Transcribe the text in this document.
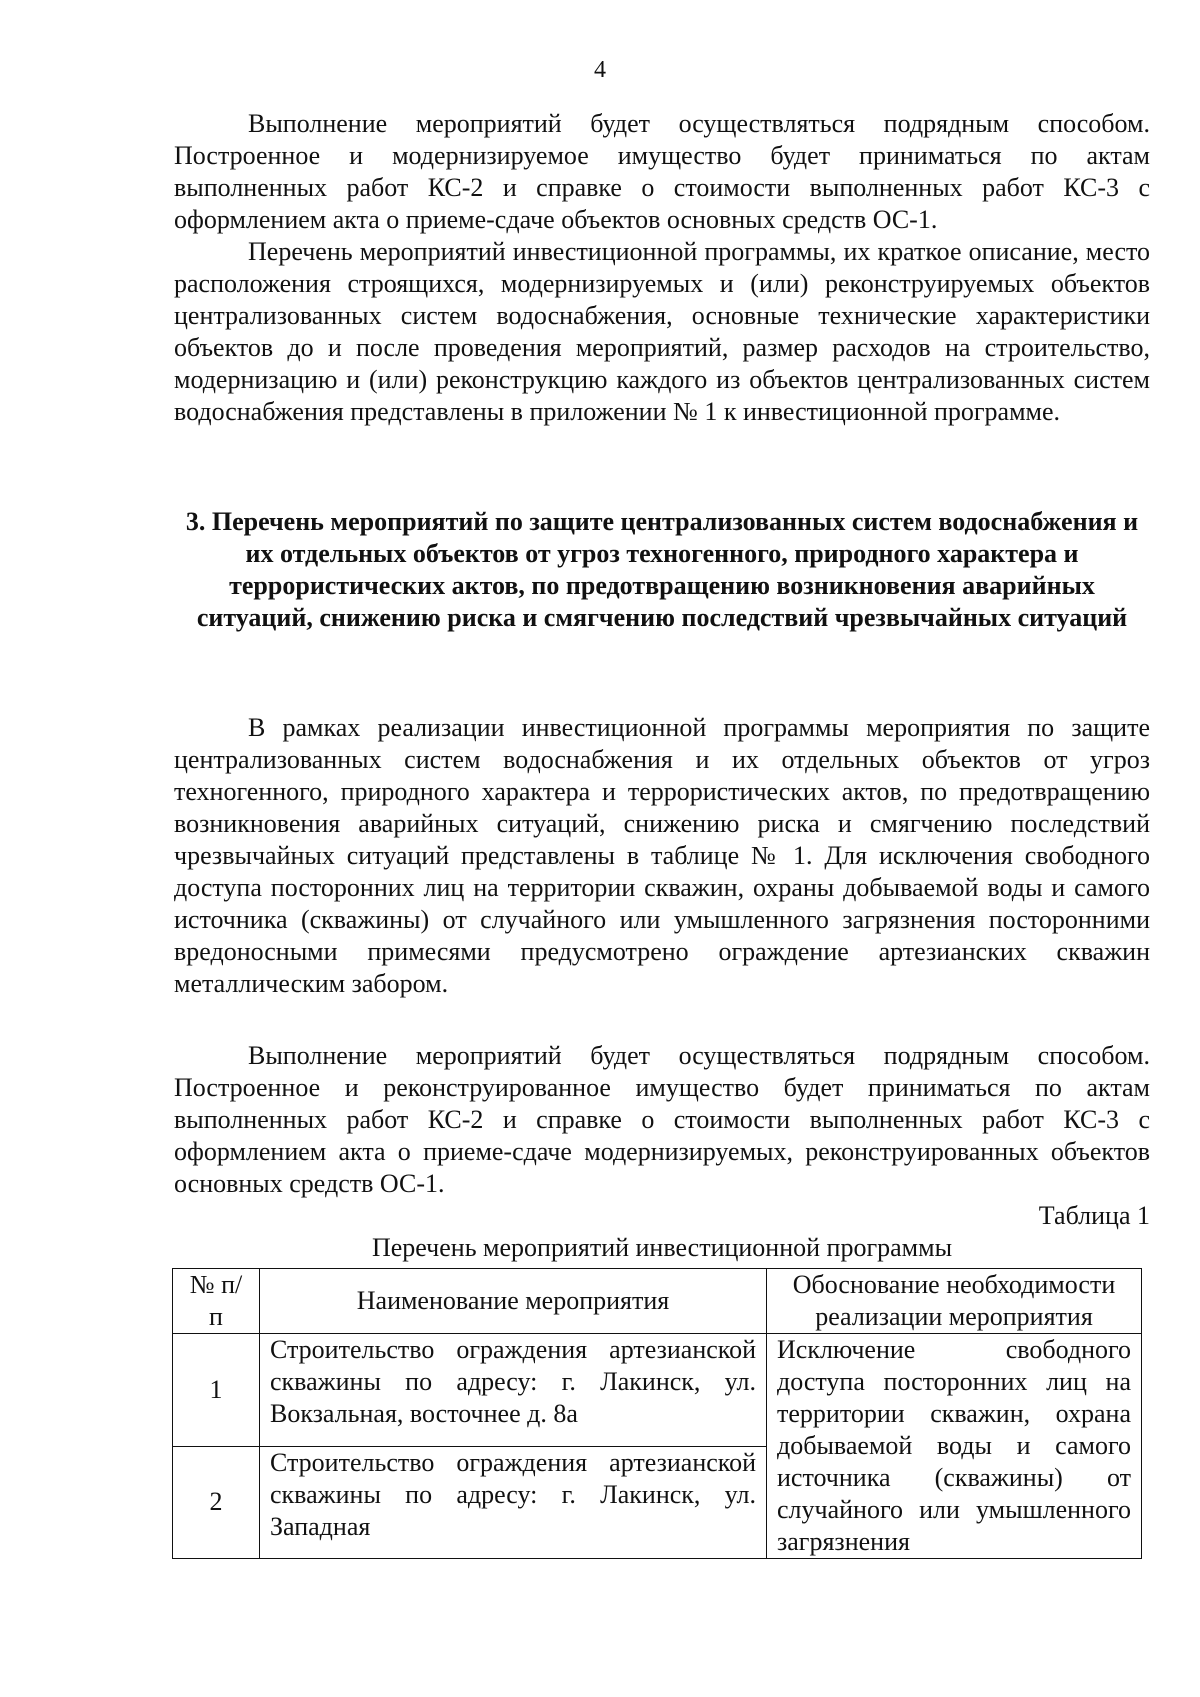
4
Выполнение мероприятий будет осуществляться подрядным способом. Построенное и модернизируемое имущество будет приниматься по актам выполненных работ КС-2 и справке о стоимости выполненных работ КС-3 с оформлением акта о приеме-сдаче объектов основных средств ОС-1.
Перечень мероприятий инвестиционной программы, их краткое описание, место расположения строящихся, модернизируемых и (или) реконструируемых объектов централизованных систем водоснабжения, основные технические характеристики объектов до и после проведения мероприятий, размер расходов на строительство, модернизацию и (или) реконструкцию каждого из объектов централизованных систем водоснабжения представлены в приложении № 1 к инвестиционной программе.
3. Перечень мероприятий по защите централизованных систем водоснабжения и их отдельных объектов от угроз техногенного, природного характера и террористических актов, по предотвращению возникновения аварийных ситуаций, снижению риска и смягчению последствий чрезвычайных ситуаций
В рамках реализации инвестиционной программы мероприятия по защите централизованных систем водоснабжения и их отдельных объектов от угроз техногенного, природного характера и террористических актов, по предотвращению возникновения аварийных ситуаций, снижению риска и смягчению последствий чрезвычайных ситуаций представлены в таблице № 1. Для исключения свободного доступа посторонних лиц на территории скважин, охраны добываемой воды и самого источника (скважины) от случайного или умышленного загрязнения посторонними вредоносными примесями предусмотрено ограждение артезианских скважин металлическим забором.
Выполнение мероприятий будет осуществляться подрядным способом. Построенное и реконструированное имущество будет приниматься по актам выполненных работ КС-2 и справке о стоимости выполненных работ КС-3 с оформлением акта о приеме-сдаче модернизируемых, реконструированных объектов основных средств ОС-1.
Таблица 1
Перечень мероприятий инвестиционной программы
№ п/п	Наименование мероприятия	Обоснование необходимости реализации мероприятия
1	Строительство ограждения артезианской скважины по адресу: г. Лакинск, ул. Вокзальная, восточнее д. 8а	Исключение свободного доступа посторонних лиц на территории скважин, охрана добываемой воды и самого источника (скважины) от случайного или умышленного загрязнения
2	Строительство ограждения артезианской скважины по адресу: г. Лакинск, ул. Западная	
